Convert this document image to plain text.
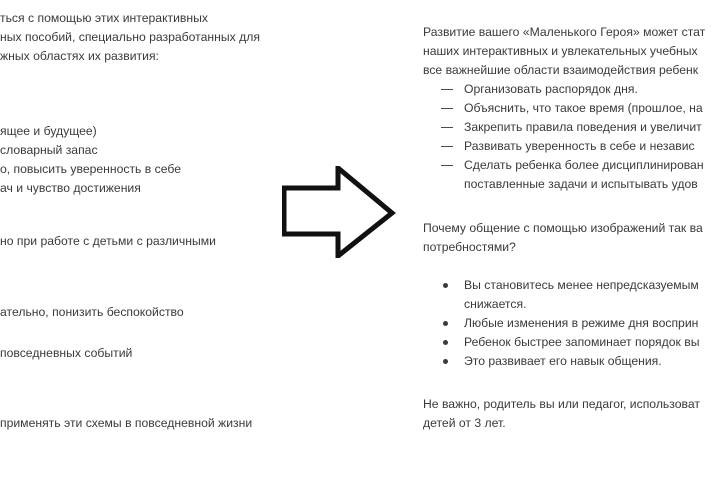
ться с помощью этих интерактивных
ных пособий, специально разработанных для
жных областях их развития:
ящее и будущее)
словарный запас
о, повысить уверенность в себе
ач и чувство достижения
но при работе с детьми с различными
ательно, понизить беспокойство
повседневных событий
применять эти схемы в повседневной жизни
Развитие вашего «Маленького Героя» может стат
наших интерактивных и увлекательных учебных
все важнейшие области взаимодействия ребенк
Организовать распорядок дня.
Объяснить, что такое время (прошлое, на
Закрепить правила поведения и увеличит
Развивать уверенность в себе и независ
Сделать ребенка более дисциплинирован
поставленные задачи и испытывать удов
Почему общение с помощью изображений так ва
потребностями?
Вы становитесь менее непредсказуемым
снижается.
Любые изменения в режиме дня восприн
Ребенок быстрее запоминает порядок вы
Это развивает его навык общения.
Не важно, родитель вы или педагог, использоват
детей от 3 лет.
